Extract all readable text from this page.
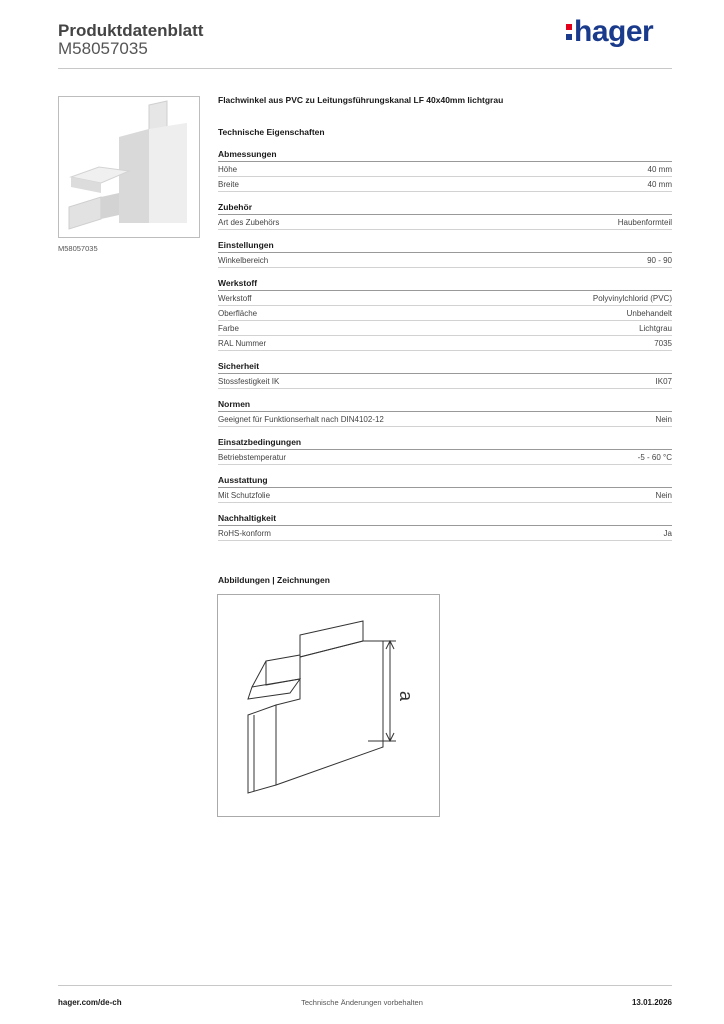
Produktdatenblatt
M58057035
hager
M58057035
Flachwinkel aus PVC zu Leitungsführungskanal LF 40x40mm lichtgrau
Technische Eigenschaften
Abmessungen
Höhe	40 mm
Breite	40 mm
Zubehör
Art des Zubehörs	Haubenformteil
Einstellungen
Winkelbereich	90 - 90
Werkstoff
Werkstoff	Polyvinylchlorid (PVC)
Oberfläche	Unbehandelt
Farbe	Lichtgrau
RAL Nummer	7035
Sicherheit
Stossfestigkeit IK	IK07
Normen
Geeignet für Funktionserhalt nach DIN4102-12	Nein
Einsatzbedingungen
Betriebstemperatur	-5 - 60 °C
Ausstattung
Mit Schutzfolie	Nein
Nachhaltigkeit
RoHS-konform	Ja
Abbildungen | Zeichnungen
a
hager.com/de-ch	Technische Änderungen vorbehalten	13.01.2026
